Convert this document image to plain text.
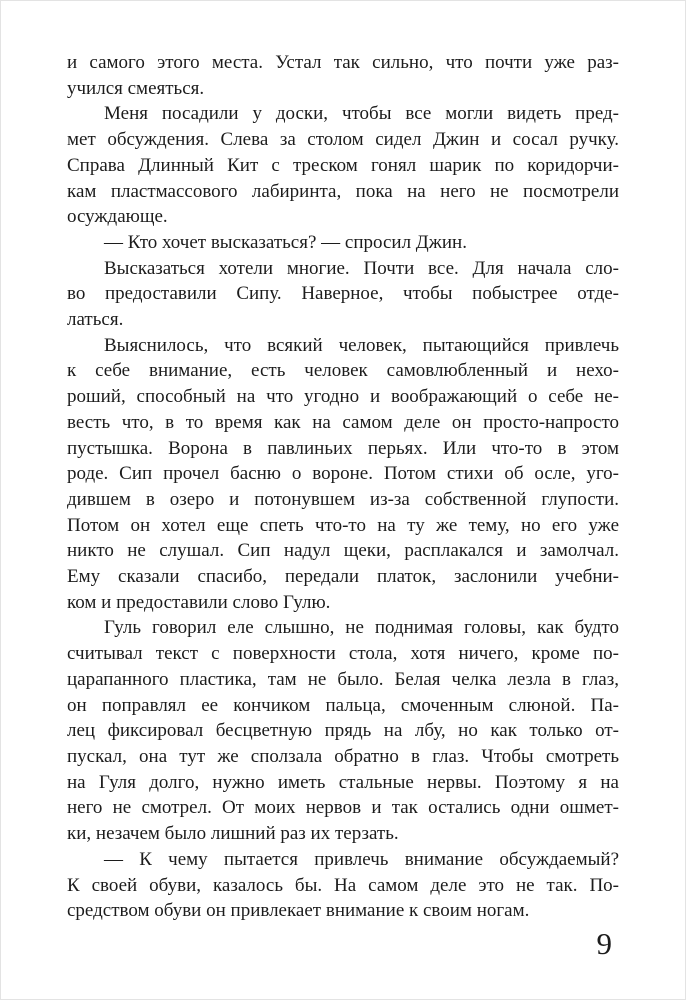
и самого этого места. Устал так сильно, что почти уже раз-
учился смеяться.
Меня посадили у доски, чтобы все могли видеть пред-
мет обсуждения. Слева за столом сидел Джин и сосал ручку.
Справа Длинный Кит с треском гонял шарик по коридорчи-
кам пластмассового лабиринта, пока на него не посмотрели
осуждающе.
— Кто хочет высказаться? — спросил Джин.
Высказаться хотели многие. Почти все. Для начала сло-
во предоставили Сипу. Наверное, чтобы побыстрее отде-
латься.
Выяснилось, что всякий человек, пытающийся привлечь
к себе внимание, есть человек самовлюбленный и нехо-
роший, способный на что угодно и воображающий о себе не-
весть что, в то время как на самом деле он просто-напросто
пустышка. Ворона в павлиньих перьях. Или что-то в этом
роде. Сип прочел басню о вороне. Потом стихи об осле, уго-
дившем в озеро и потонувшем из-за собственной глупости.
Потом он хотел еще спеть что-то на ту же тему, но его уже
никто не слушал. Сип надул щеки, расплакался и замолчал.
Ему сказали спасибо, передали платок, заслонили учебни-
ком и предоставили слово Гулю.
Гуль говорил еле слышно, не поднимая головы, как будто
считывал текст с поверхности стола, хотя ничего, кроме по-
царапанного пластика, там не было. Белая челка лезла в глаз,
он поправлял ее кончиком пальца, смоченным слюной. Па-
лец фиксировал бесцветную прядь на лбу, но как только от-
пускал, она тут же сползала обратно в глаз. Чтобы смотреть
на Гуля долго, нужно иметь стальные нервы. Поэтому я на
него не смотрел. От моих нервов и так остались одни ошмет-
ки, незачем было лишний раз их терзать.
— К чему пытается привлечь внимание обсуждаемый?
К своей обуви, казалось бы. На самом деле это не так. По-
средством обуви он привлекает внимание к своим ногам.
9
